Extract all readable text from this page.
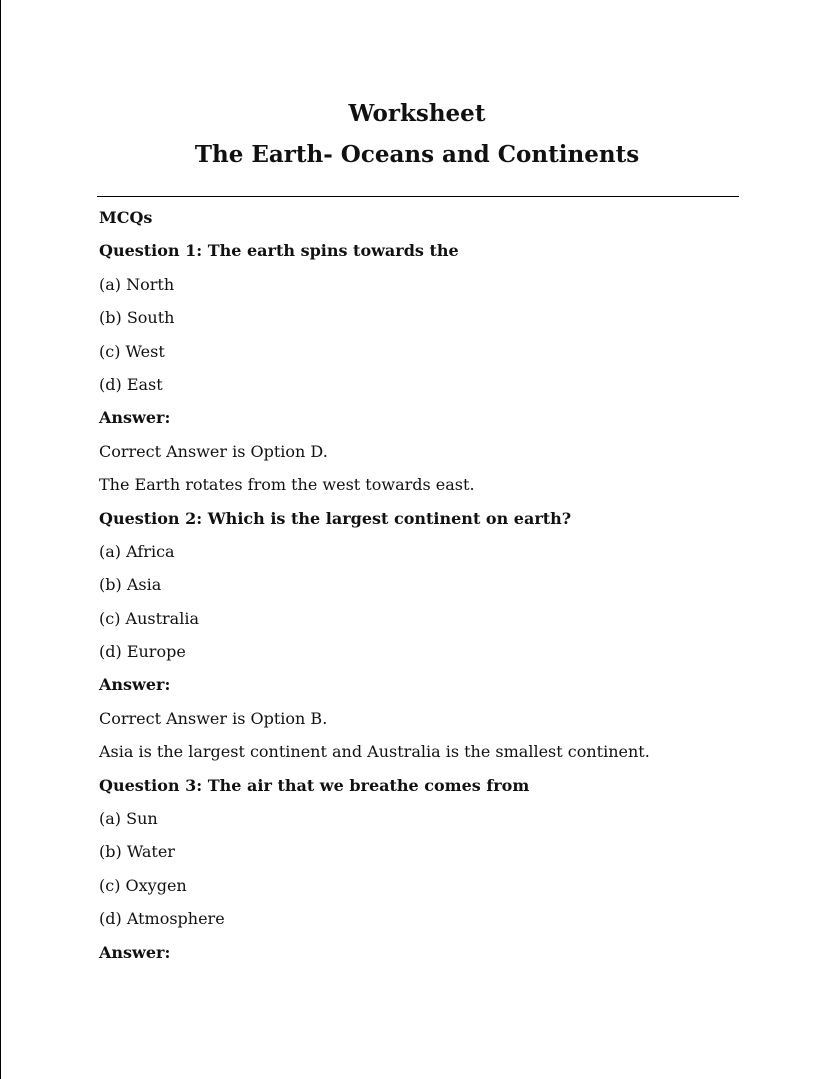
Worksheet
The Earth- Oceans and Continents
MCQs
Question 1: The earth spins towards the
(a) North
(b) South
(c) West
(d) East
Answer:
Correct Answer is Option D.
The Earth rotates from the west towards east.
Question 2: Which is the largest continent on earth?
(a) Africa
(b) Asia
(c) Australia
(d) Europe
Answer:
Correct Answer is Option B.
Asia is the largest continent and Australia is the smallest continent.
Question 3: The air that we breathe comes from
(a) Sun
(b) Water
(c) Oxygen
(d) Atmosphere
Answer:
